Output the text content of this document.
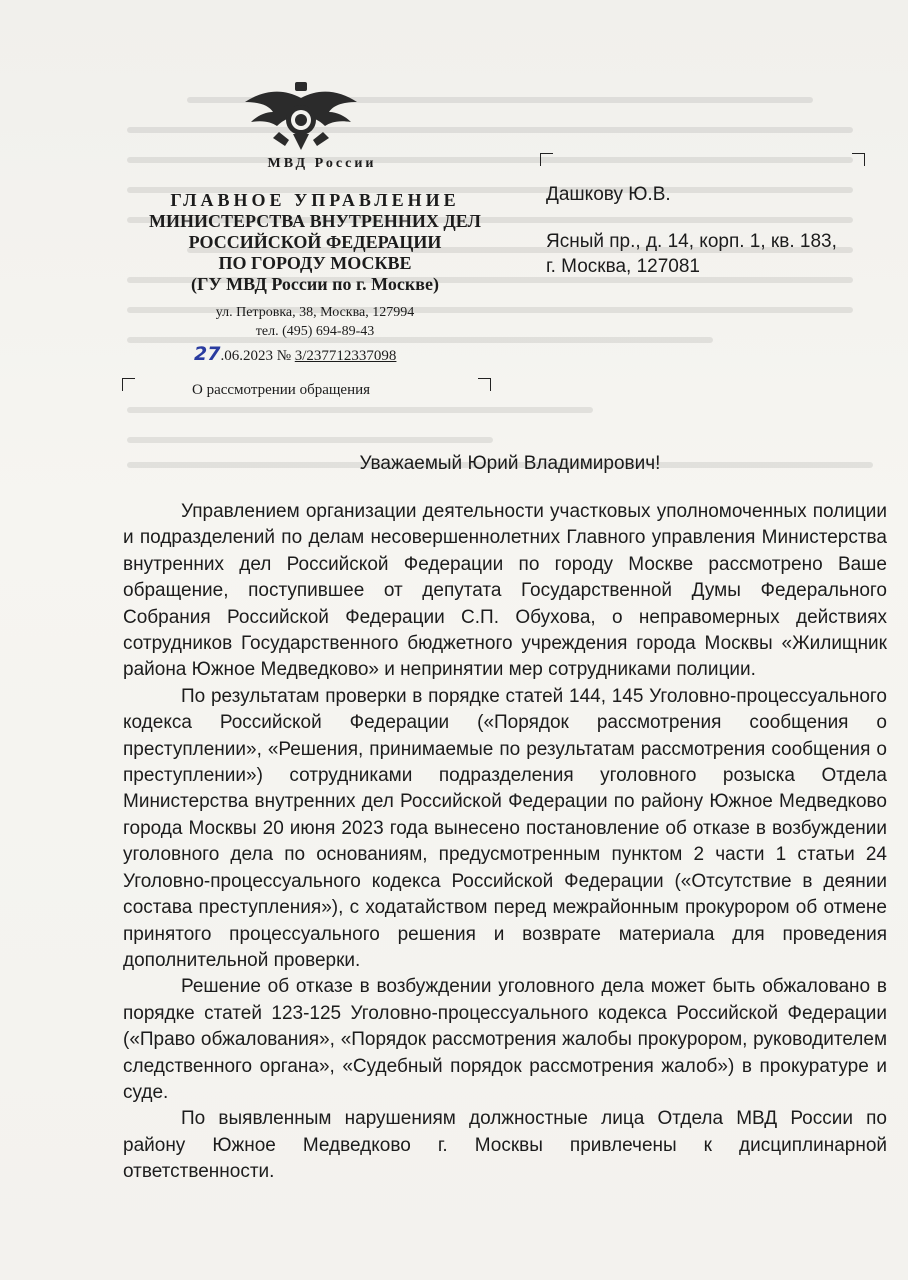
МВД России
ГЛАВНОЕ УПРАВЛЕНИЕ
МИНИСТЕРСТВА ВНУТРЕННИХ ДЕЛ
РОССИЙСКОЙ ФЕДЕРАЦИИ
ПО ГОРОДУ МОСКВЕ
(ГУ МВД России по г. Москве)
ул. Петровка, 38, Москва, 127994
тел. (495) 694-89-43
27.06.2023 № 3/237712337098
О рассмотрении обращения
Дашкову Ю.В.
Ясный пр., д. 14, корп. 1, кв. 183,
г. Москва, 127081
Уважаемый Юрий Владимирович!

Управлением организации деятельности участковых уполномоченных полиции и подразделений по делам несовершеннолетних Главного управления Министерства внутренних дел Российской Федерации по городу Москве рассмотрено Ваше обращение, поступившее от депутата Государственной Думы Федерального Собрания Российской Федерации С.П. Обухова, о неправомерных действиях сотрудников Государственного бюджетного учреждения города Москвы «Жилищник района Южное Медведково» и непринятии мер сотрудниками полиции.

По результатам проверки в порядке статей 144, 145 Уголовно-процессуального кодекса Российской Федерации («Порядок рассмотрения сообщения о преступлении», «Решения, принимаемые по результатам рассмотрения сообщения о преступлении») сотрудниками подразделения уголовного розыска Отдела Министерства внутренних дел Российской Федерации по району Южное Медведково города Москвы 20 июня 2023 года вынесено постановление об отказе в возбуждении уголовного дела по основаниям, предусмотренным пунктом 2 части 1 статьи 24 Уголовно-процессуального кодекса Российской Федерации («Отсутствие в деянии состава преступления»), с ходатайством перед межрайонным прокурором об отмене принятого процессуального решения и возврате материала для проведения дополнительной проверки.

Решение об отказе в возбуждении уголовного дела может быть обжаловано в порядке статей 123-125 Уголовно-процессуального кодекса Российской Федерации («Право обжалования», «Порядок рассмотрения жалобы прокурором, руководителем следственного органа», «Судебный порядок рассмотрения жалоб») в прокуратуре и суде.

По выявленным нарушениям должностные лица Отдела МВД России по району Южное Медведково г. Москвы привлечены к дисциплинарной ответственности.
